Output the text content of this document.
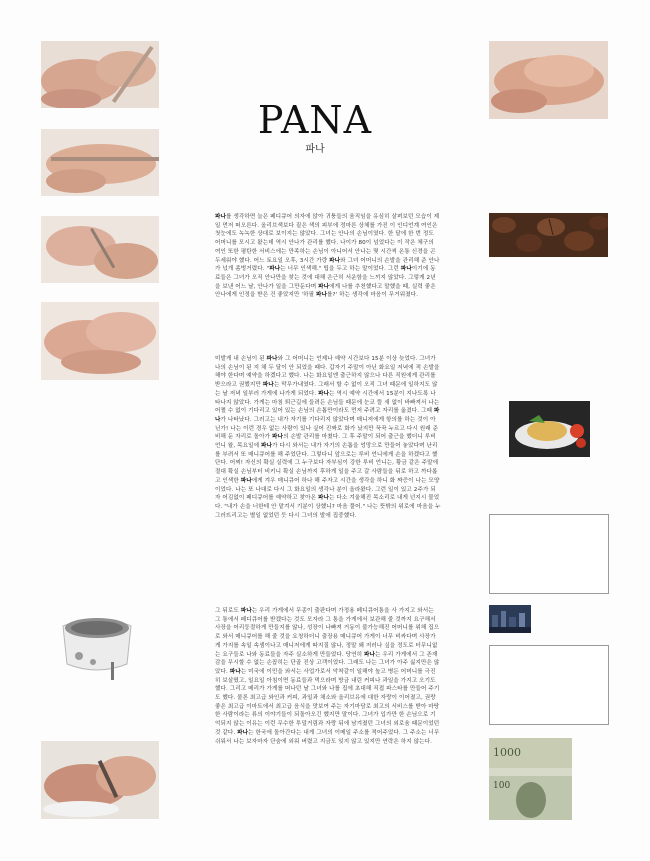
1000
100
PANA
파나

파나를 생각하면 늘은 페디큐어 의자에 앉아 귀퉁들의 움직임을 유심히 살펴보던 모습이 제일 먼저 떠오른다. 올리브색보다 짙은 색의 피부에 정마른 상체를 가진 이 인디언계 여인은 첫눈에도 녹녹한 상대로 보이지는 않았다. 그녀는 안나의 손님이였다. 한 달에 한 번 정도 어머니를 모시고 왔는데 역시 안나가 관리를 했다. 나이가 80이 넘었다는 이 작은 체구의 여인 또한 평탄한 서비스에는 만족하는 손님이 아니어서 안나는 몇 시간씩 온통 신경을 곤두세워야 했다. 어느 토요일 오후, 3시간 가량 파나와 그녀 어머니의 손발을 관리해 준 안나가 넋개 좀벙거렸다. "파나는 너무 인색해." 팁을 두고 하는 말이었다. 그런 파나이기에 동료들은 그녀가 오직 안나만을 찾는 것에 대해 은근히 서운함을 느끼지 않았다. 그렇게 2년을 보낸 어느 날, 안나가 일을 그만둔다며 파나에게 나를 추천했다고 말했을 때, 실력 좋은 안나에게 인정을 받은 건 좋았지만 '하필 파나를?' 하는 생각에 마음이 무거워졌다.

미발게 내 손님이 된 파나와 그 어머니는 언제나 예약 시간보다 15분 이상 늦었다. 그녀가 나의 손님이 된 지 채 두 달이 안 되었을 때다. 갑자기 주말이 아닌 화요일 저녁에 적 손발을 해야 한다며 예약을 하겠다고 했다. 나는 화요일엔 출근하지 않으나 다른 직원에게 관리를 받으라고 권했지만 파나는 막무가내였다. 그래서 할 수 없이 오직 그녀 때문에 일하지도 않는 날 저녁 일부러 가게에 나가게 되었다. 파나는 역시 예약 시간에서 15분이 지나도록 나타나지 않았다. 가게는 마침 퇴근길에 들려든 손님들 때문에 눈코 뜰 새 없이 바빠져서 나는 어쩔 수 없이 기다리고 있어 있는 손님의 손톱만이라도 먼저 주려고 자리를 옮겼다. 그때 파나가 나타났다. 그러고는 내가 자기를 기다리지 않았다며 매니저에게 항의를 하는 것이 아닌가! 나는 이런 경우 없는 사람이 있나 싶어 진짜로 화가 났지만 꾹꾹 누르고 다시 원래 준비해 둔 자리로 돌아가 파나의 손발 관리를 마쳤다. 그 후 주말이 되어 출근을 했더니 루비 언니 왈, 목요일에 파나가 다시 와서는 내가 자기의 손톱을 엉망으로 만들어 놓았다며 난리를 부려서 또 매니큐어를 해 주었단다. 그렇다니 앞으로는 루비 언니에게 손을 하겠다고 했단다. 어찌! 자신의 확실 실력에 그 누구보다 자부심이 강한 루비 언니는, 황금 같은 주말에 절대 확실 손님부터 비키니 확실 손님까지 후하게 일을 주고 갈 사람들을 뒤로 하고 까다롭고 인색한 파나에게 겨우 매니큐어 하나 해 주자고 시간을 생각을 하니 화 짜증이 나는 모양이었다. 나는 또 나대로 다시 그 화요일의 생각나 분이 올라왔다. 그런 일이 있고 2주가 되자 어김없이 페디큐어를 예약하고 찾아온 파나는 다소 겨울해진 목소리로 내게 넌지시 물었다. "내가 손을 너한테 안 맡겨서 기분이 상했니? 마음 풀어." 나는 뜻밖의 위로에 마음을 누그러뜨리고는 별일 없었던 듯 다시 그녀의 발에 집중했다.

그 뒤로도 파나는 우리 가게에서 무종이 출판다며 가정용 페디큐어통을 사 가지고 와서는 그 통에서 페디큐어를 받겠다는 것도 모자라 그 통을 가게에서 보관해 줄 것까지 요구해서 사장을 어리둥절하게 만들지를 않나, 성장이 나빠져 거동이 불가능해진 어머니를 위해 집으로 와서 매니큐어를 해 줄 것을 요청하더니 출장용 매니큐어 가게이 너무 비싸다며 사장가게 가지를 속일 속셈이나고 매니저에게 따지질 않나, 정말 왜 저러나 싶을 정도로 터무니없는 요구들로 나와 동료들을 자주 실소하게 만들었다. 당연히 파나는 우리 가게에서 그 존재감을 무시할 수 없는 손꼽히는 단골 진상 고객이었다. 그래도 나는 그녀가 아주 싫지만은 않았다. 파나는 미국에 이민을 와서는 사업가로서 악착같이 일해야 높고 병든 어머니를 극진히 보살폈고, 일요일 아침이면 동료들과 먹으라며 방금 내린 커피나 과일을 가지고 오기도 했다. 그리고 메리가 가게를 떠나던 날 그녀와 나를 집에 초대해 직접 파스타를 만들어 주기도 했다. 물론 최고급 와인과 커피, 과일과 채소와 올리브유에 대한 자랑이 이어졌고, 권랑 좋은 최고급 이마트에서 최고급 음식을 맛보여 주는 자기마담로 최고의 서비스를 받아 마땅한 사람이라는 류의 이야기들이 되돌아오긴 했지만 말이다. 그녀가 입가만 한 손님으로 기억되지 않는 이유는 이런 무수한 투덜거림과 자랑 뒤에 남겨졌던 그녀의 외로움 때문이었던 것 같다. 파나는 한국에 돌아간다는 내게 그녀의 이메일 주소를 적어주었다. 그 주소는 너무 쉬워서 나는 보자마자 단숨에 외워 버렸고 지금도 잊지 않고 있지만 연락은 하지 않는다.
